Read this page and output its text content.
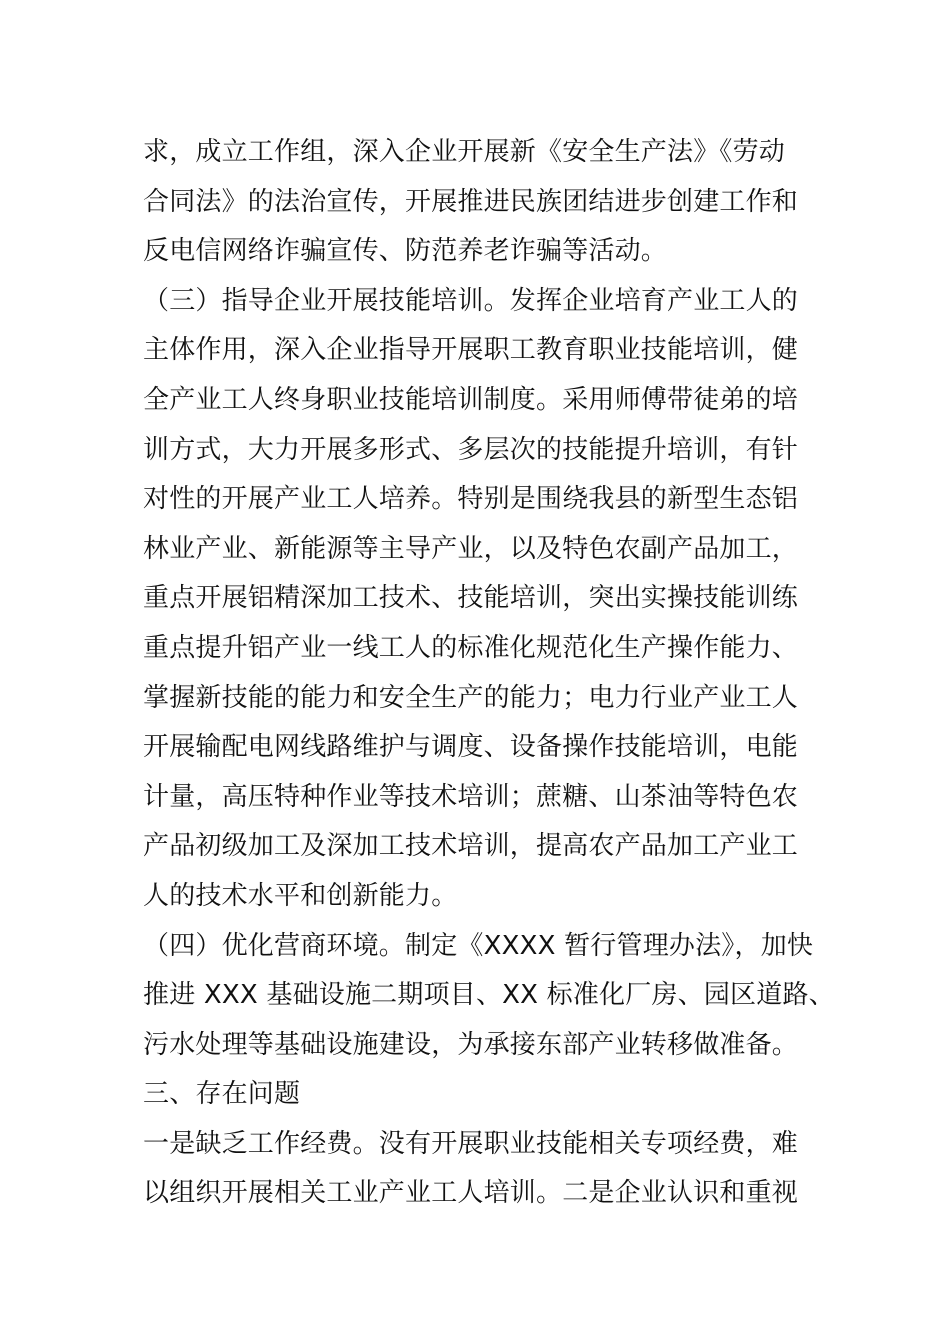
求，成立工作组，深入企业开展新《安全生产法》《劳动
合同法》的法治宣传，开展推进民族团结进步创建工作和
反电信网络诈骗宣传、防范养老诈骗等活动。
（三）指导企业开展技能培训。发挥企业培育产业工人的
主体作用，深入企业指导开展职工教育职业技能培训，健
全产业工人终身职业技能培训制度。采用师傅带徒弟的培
训方式，大力开展多形式、多层次的技能提升培训，有针
对性的开展产业工人培养。特别是围绕我县的新型生态铝
林业产业、新能源等主导产业，以及特色农副产品加工，
重点开展铝精深加工技术、技能培训，突出实操技能训练
重点提升铝产业一线工人的标准化规范化生产操作能力、
掌握新技能的能力和安全生产的能力；电力行业产业工人
开展输配电网线路维护与调度、设备操作技能培训，电能
计量，高压特种作业等技术培训；蔗糖、山茶油等特色农
产品初级加工及深加工技术培训，提高农产品加工产业工
人的技术水平和创新能力。
（四）优化营商环境。制定《XXXX 暂行管理办法》，加快
推进 XXX 基础设施二期项目、XX 标准化厂房、园区道路、
污水处理等基础设施建设，为承接东部产业转移做准备。
三、存在问题
一是缺乏工作经费。没有开展职业技能相关专项经费，难
以组织开展相关工业产业工人培训。二是企业认识和重视
